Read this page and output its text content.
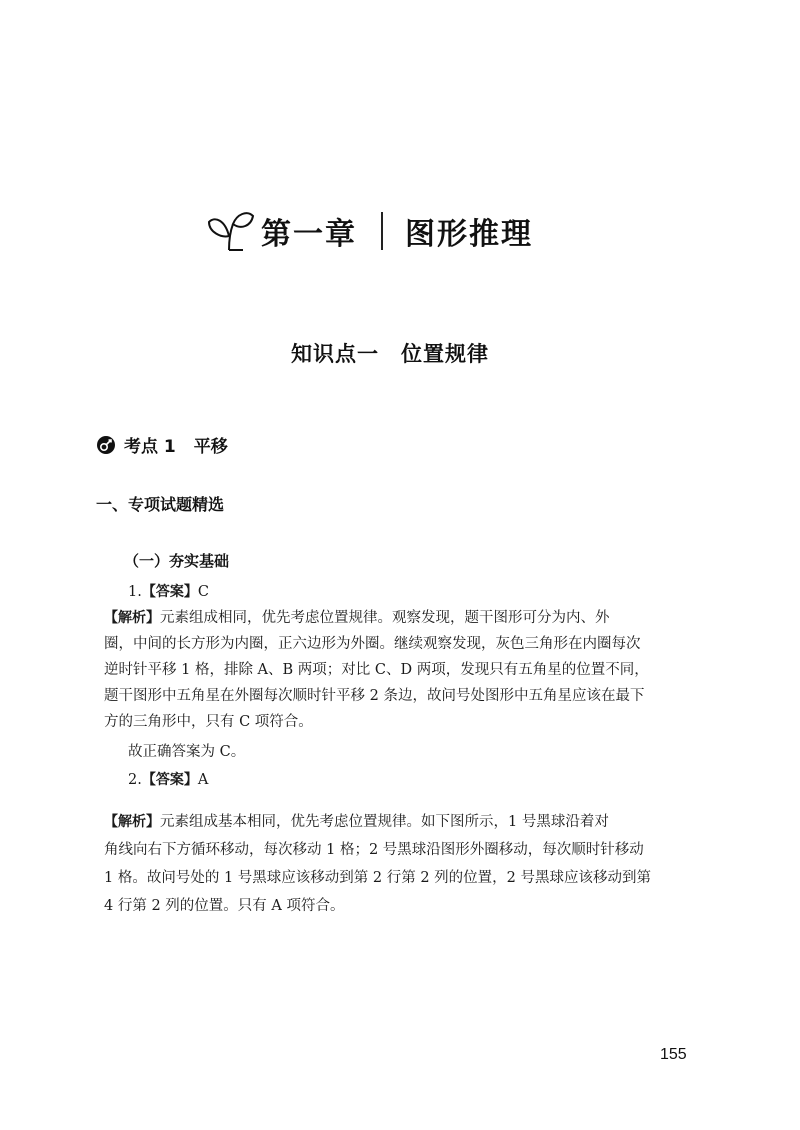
第一章 图形推理
知识点一 位置规律
考点 1 平移
一、专项试题精选
（一）夯实基础
1.【答案】C
【解析】元素组成相同，优先考虑位置规律。观察发现，题干图形可分为内、外
圈，中间的长方形为内圈，正六边形为外圈。继续观察发现，灰色三角形在内圈每次
逆时针平移 1 格，排除 A、B 两项；对比 C、D 两项，发现只有五角星的位置不同，
题干图形中五角星在外圈每次顺时针平移 2 条边，故问号处图形中五角星应该在最下
方的三角形中，只有 C 项符合。
故正确答案为 C。
2.【答案】A
【解析】元素组成基本相同，优先考虑位置规律。如下图所示，1 号黑球沿着对
角线向右下方循环移动，每次移动 1 格；2 号黑球沿图形外圈移动，每次顺时针移动
1 格。故问号处的 1 号黑球应该移动到第 2 行第 2 列的位置，2 号黑球应该移动到第
4 行第 2 列的位置。只有 A 项符合。
155
